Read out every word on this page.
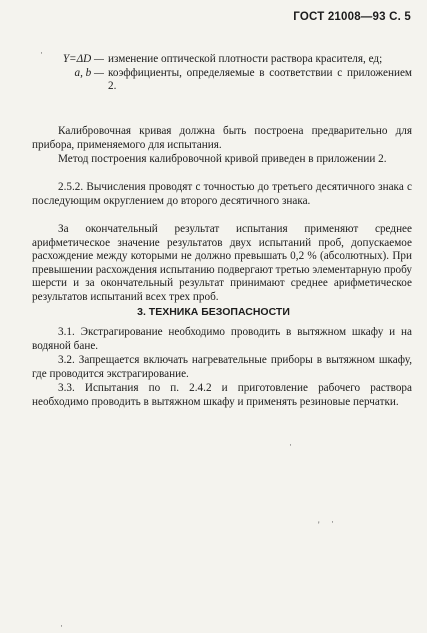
ГОСТ 21008—93 С. 5
·
·
' ·
·
Y=ΔD — изменение оптической плотности раствора красителя, ед;
a, b — коэффициенты, определяемые в соответствии с приложением 2.
Калибровочная кривая должна быть построена предварительно для прибора, применяемого для испытания.
Метод построения калибровочной кривой приведен в приложении 2.
2.5.2. Вычисления проводят с точностью до третьего десятичного знака с последующим округлением до второго десятичного знака.
За окончательный результат испытания применяют среднее арифметическое значение результатов двух испытаний проб, допускаемое расхождение между которыми не должно превышать 0,2 % (абсолютных). При превышении расхождения испытанию подвергают третью элементарную пробу шерсти и за окончательный результат принимают среднее арифметическое результатов испытаний всех трех проб.
3. ТЕХНИКА БЕЗОПАСНОСТИ
3.1. Экстрагирование необходимо проводить в вытяжном шкафу и на водяной бане.
3.2. Запрещается включать нагревательные приборы в вытяжном шкафу, где проводится экстрагирование.
3.3. Испытания по п. 2.4.2 и приготовление рабочего раствора необходимо проводить в вытяжном шкафу и применять резиновые перчатки.
